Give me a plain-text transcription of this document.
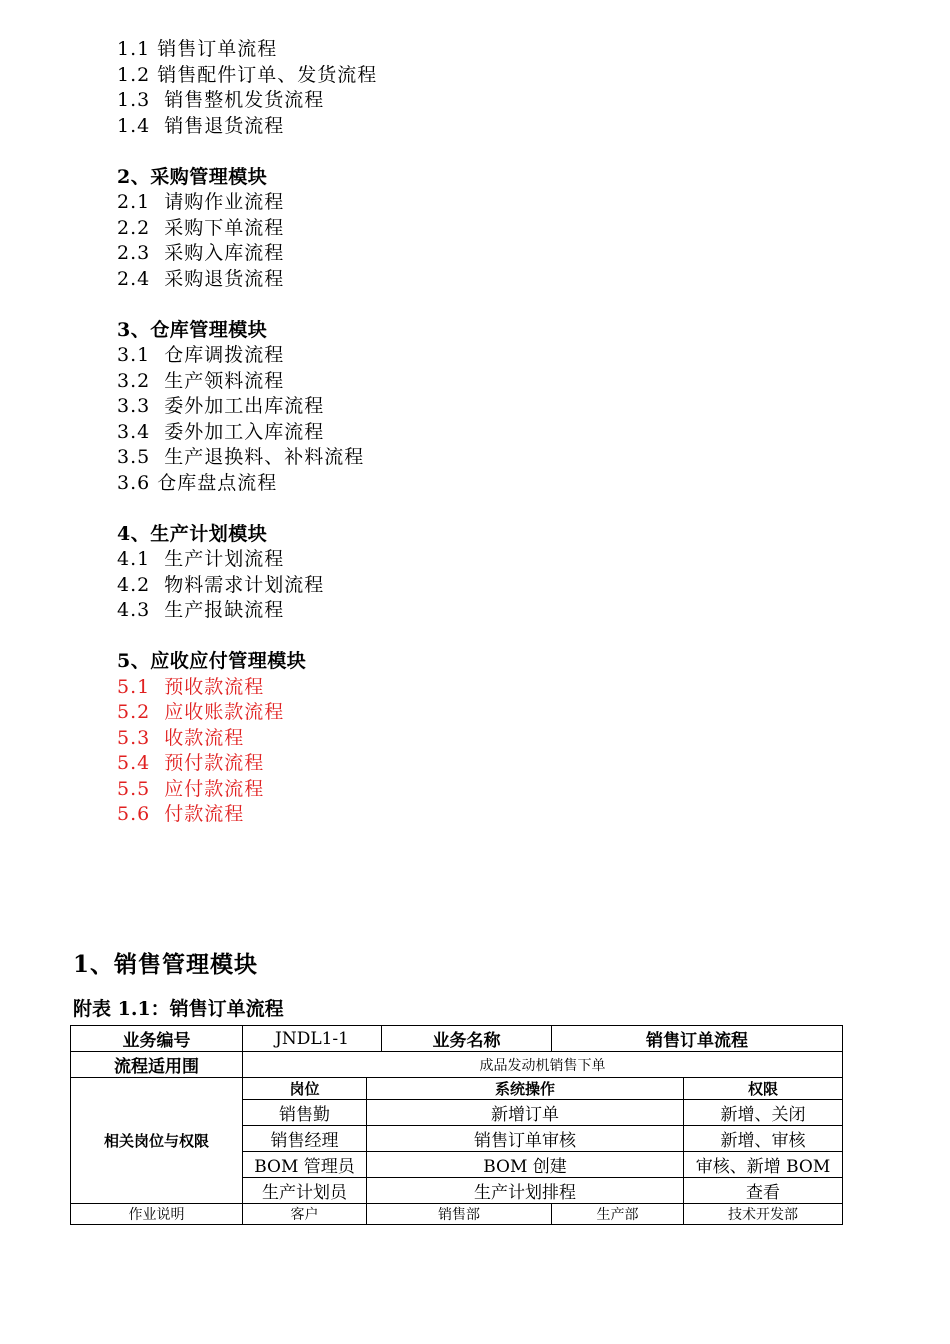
1.1 销售订单流程
1.2 销售配件订单、发货流程
1.3  销售整机发货流程
1.4  销售退货流程
2、采购管理模块
2.1  请购作业流程
2.2  采购下单流程
2.3  采购入库流程
2.4  采购退货流程
3、仓库管理模块
3.1  仓库调拨流程
3.2  生产领料流程
3.3  委外加工出库流程
3.4  委外加工入库流程
3.5  生产退换料、补料流程
3.6 仓库盘点流程
4、生产计划模块
4.1  生产计划流程
4.2  物料需求计划流程
4.3  生产报缺流程
5、应收应付管理模块
5.1  预收款流程
5.2  应收账款流程
5.3  收款流程
5.4  预付款流程
5.5  应付款流程
5.6  付款流程
1、销售管理模块
附表 1.1：销售订单流程
业务编号	JNDL1-1		业务名称	销售订单流程	
流程适用围	成品发动机销售下单				
相关岗位与权限	岗位	系统操作			权限
	销售勤	新增订单			新增、关闭
	销售经理	销售订单审核			新增、审核
	BOM 管理员	BOM 创建			审核、新增 BOM
	生产计划员	生产计划排程			查看
作业说明	客户	销售部		生产部	技术开发部
